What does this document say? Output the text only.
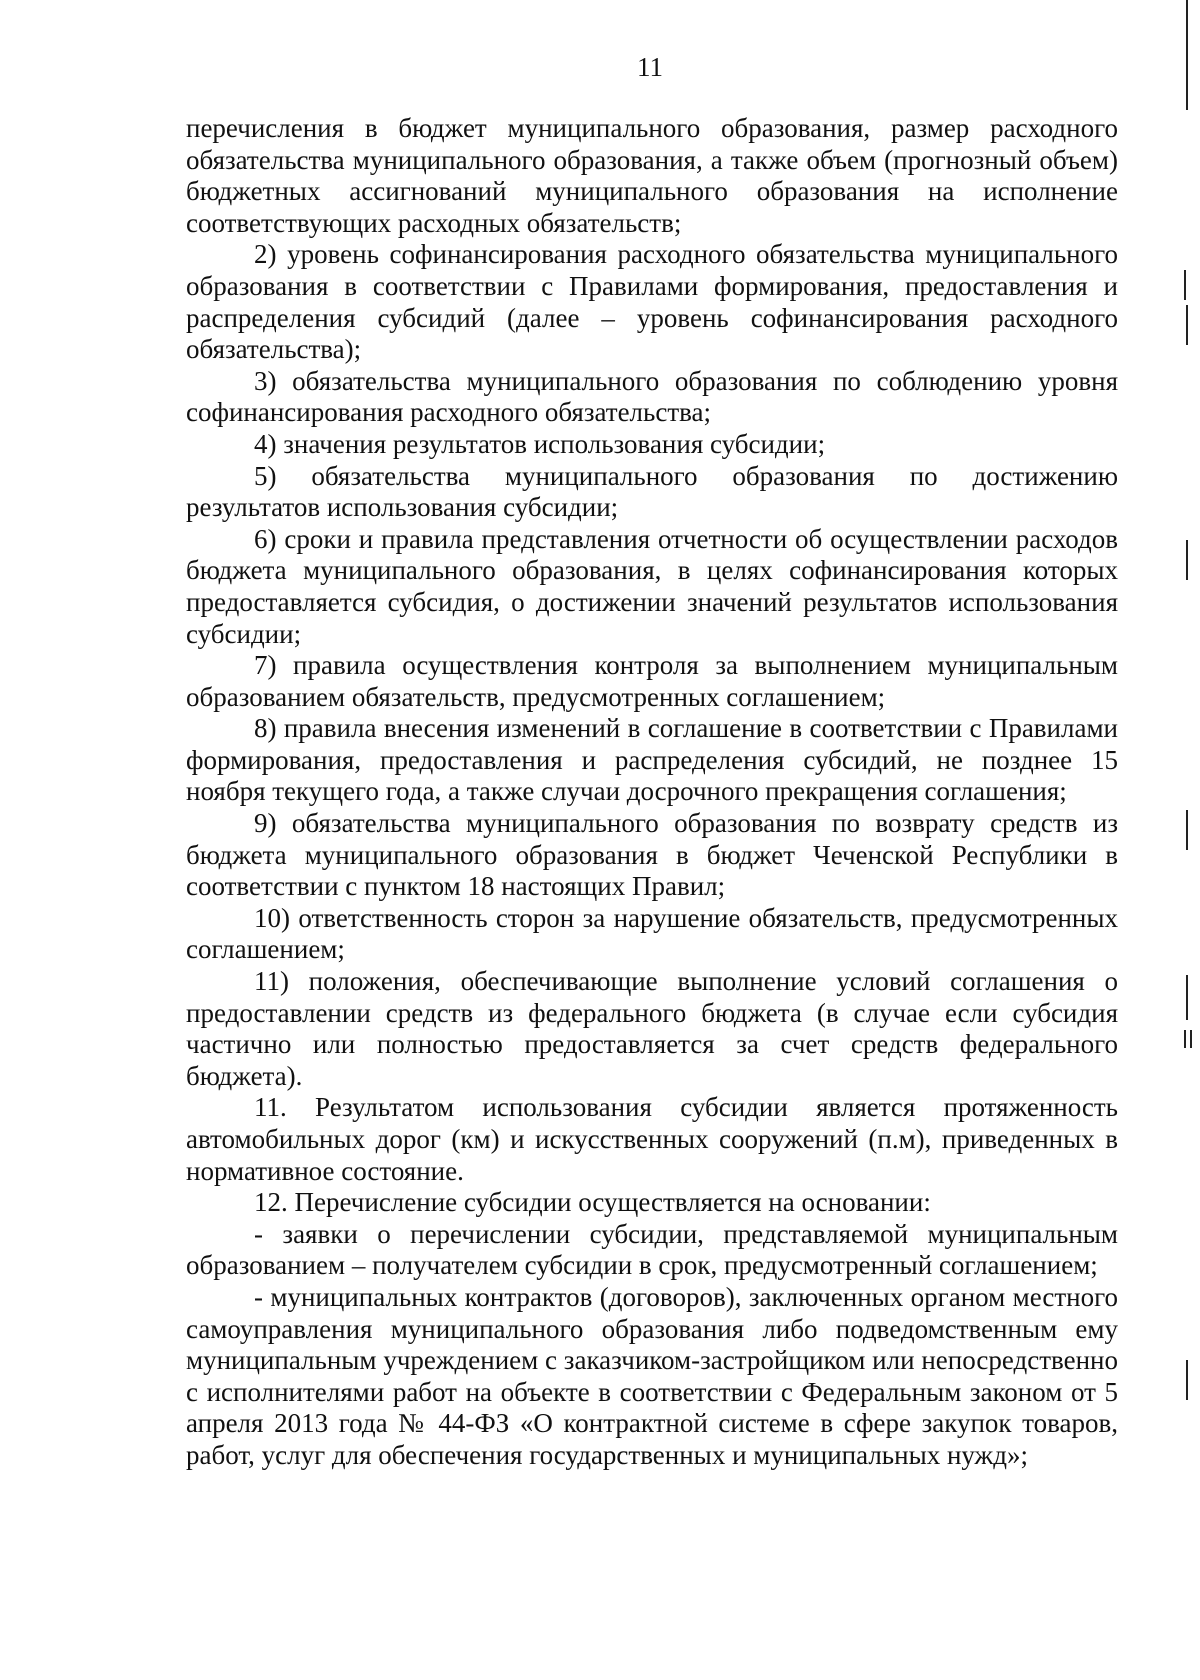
11

перечисления в бюджет муниципального образования, размер расходного обязательства муниципального образования, а также объем (прогнозный объем) бюджетных ассигнований муниципального образования на исполнение соответствующих расходных обязательств;

2) уровень софинансирования расходного обязательства муниципального образования в соответствии с Правилами формирования, предоставления и распределения субсидий (далее – уровень софинансирования расходного обязательства);

3) обязательства муниципального образования по соблюдению уровня софинансирования расходного обязательства;

4) значения результатов использования субсидии;

5) обязательства муниципального образования по достижению результатов использования субсидии;

6) сроки и правила представления отчетности об осуществлении расходов бюджета муниципального образования, в целях софинансирования которых предоставляется субсидия, о достижении значений результатов использования субсидии;

7) правила осуществления контроля за выполнением муниципальным образованием обязательств, предусмотренных соглашением;

8) правила внесения изменений в соглашение в соответствии с Правилами формирования, предоставления и распределения субсидий, не позднее 15 ноября текущего года, а также случаи досрочного прекращения соглашения;

9) обязательства муниципального образования по возврату средств из бюджета муниципального образования в бюджет Чеченской Республики в соответствии с пунктом 18 настоящих Правил;

10) ответственность сторон за нарушение обязательств, предусмотренных соглашением;

11) положения, обеспечивающие выполнение условий соглашения о предоставлении средств из федерального бюджета (в случае если субсидия частично или полностью предоставляется за счет средств федерального бюджета).

11. Результатом использования субсидии является протяженность автомобильных дорог (км) и искусственных сооружений (п.м), приведенных в нормативное состояние.

12. Перечисление субсидии осуществляется на основании:

- заявки о перечислении субсидии, представляемой муниципальным образованием – получателем субсидии в срок, предусмотренный соглашением;

- муниципальных контрактов (договоров), заключенных органом местного самоуправления муниципального образования либо подведомственным ему муниципальным учреждением с заказчиком-застройщиком или непосредственно с исполнителями работ на объекте в соответствии с Федеральным законом от 5 апреля 2013 года № 44-ФЗ «О контрактной системе в сфере закупок товаров, работ, услуг для обеспечения государственных и муниципальных нужд»;
